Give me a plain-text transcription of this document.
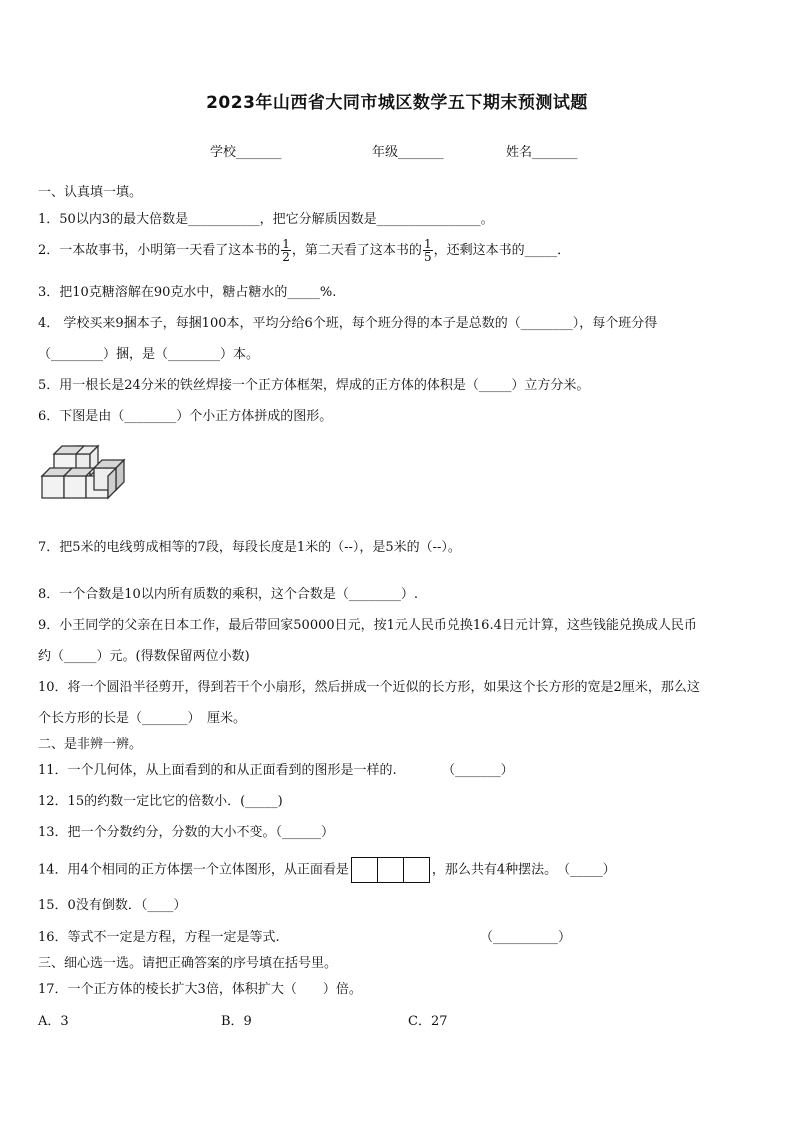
2023年山西省大同市城区数学五下期末预测试题
学校_______	年级_______	姓名_______
一、认真填一填。
1．50以内3的最大倍数是___________，把它分解质因数是________________。
2．一本故事书，小明第一天看了这本书的 $\frac{1}{2}$ ，第二天看了这本书的 $\frac{1}{5}$ ，还剩这本书的_____．
3．把10克糖溶解在90克水中，糖占糖水的_____%.
4． 学校买来9捆本子，每捆100本，平均分给6个班，每个班分得的本子是总数的（________），每个班分得
（________）捆，是（________）本。
5．用一根长是24分米的铁丝焊接一个正方体框架，焊成的正方体的体积是（_____）立方分米。
6．下图是由（________）个小正方体拼成的图形。
7．把5米的电线剪成相等的7段，每段长度是1米的（--），是5米的（--）。
8．一个合数是10以内所有质数的乘积，这个合数是（________）.
9．小王同学的父亲在日本工作，最后带回家50000日元，按1元人民币兑换16.4日元计算，这些钱能兑换成人民币
约（_____）元。(得数保留两位小数)
10．将一个圆沿半径剪开，得到若干个小扇形，然后拼成一个近似的长方形，如果这个长方形的宽是2厘米，那么这
个长方形的长是（_______）　厘米。
二、是非辨一辨。
11．一个几何体，从上面看到的和从正面看到的图形是一样的.　　　　（_______）
12．15的约数一定比它的倍数小．(_____)
13．把一个分数约分，分数的大小不变。（______）
14．用4个相同的正方体摆一个立体图形，从正面看是	，那么共有4种摆法。　（_____）
15．0没有倒数．（____）
16．等式不一定是方程，方程一定是等式.	（__________）
三、细心选一选。请把正确答案的序号填在括号里。
17．一个正方体的棱长扩大3倍，体积扩大（　　）倍。
A．3	B．9	C．27
